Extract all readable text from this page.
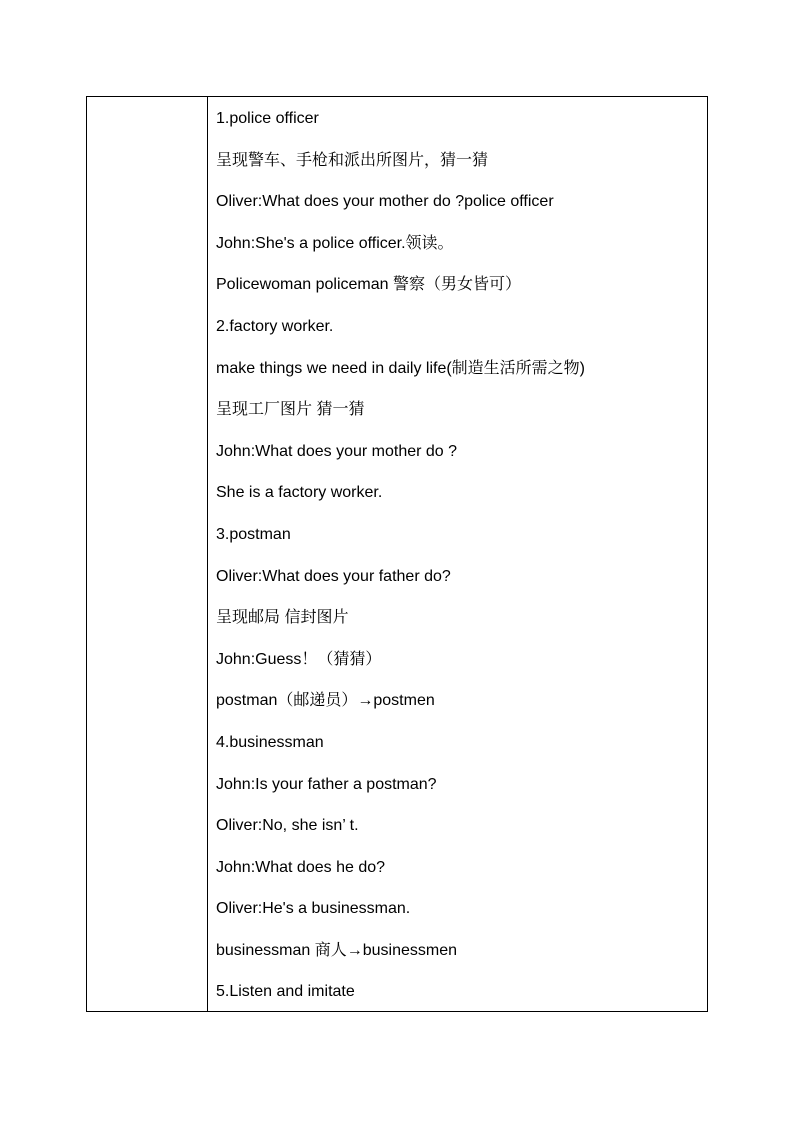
1.police officer
呈现警车、手枪和派出所图片，猜一猜
Oliver:What does your mother do ?police officer
John:She's a police officer.领读。
Policewoman policeman 警察（男女皆可）
2.factory worker.
make things we need in daily life(制造生活所需之物)
呈现工厂图片 猜一猜
John:What does your mother do ?
She is a factory worker.
3.postman
Oliver:What does your father do?
呈现邮局 信封图片
John:Guess！（猜猜）
postman（邮递员）→postmen
4.businessman
John:Is your father a postman?
Oliver:No, she isn’ t.
John:What does he do?
Oliver:He's a businessman.
businessman 商人→businessmen
5.Listen and imitate
